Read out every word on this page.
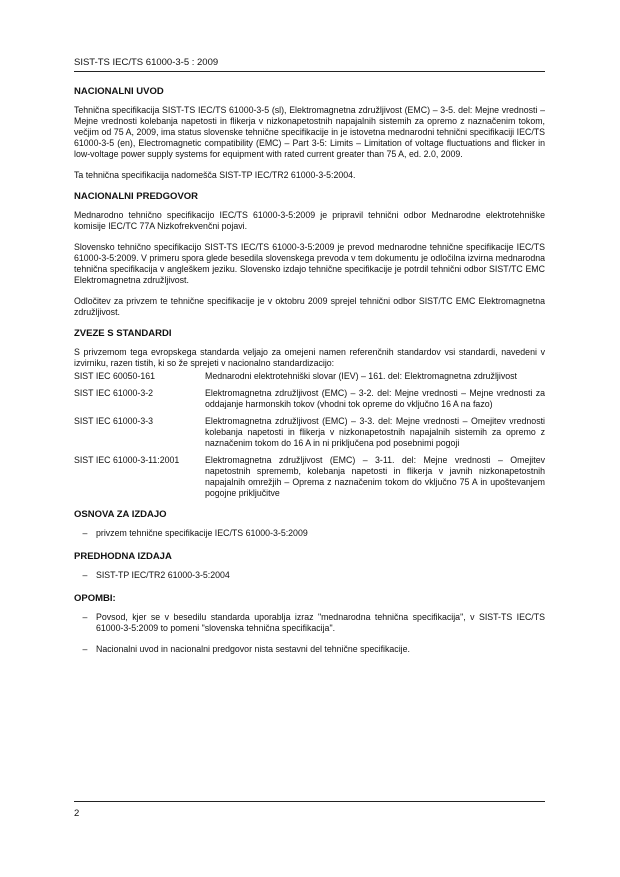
SIST-TS IEC/TS 61000-3-5 : 2009
NACIONALNI UVOD

Tehnična specifikacija SIST-TS IEC/TS 61000-3-5 (sl), Elektromagnetna združljivost (EMC) – 3-5. del: Mejne vrednosti – Mejne vrednosti kolebanja napetosti in flikerja v nizkonapetostnih napajalnih sistemih za opremo z naznačenim tokom, večjim od 75 A, 2009, ima status slovenske tehnične specifikacije in je istovetna mednarodni tehnični specifikaciji IEC/TS 61000-3-5 (en), Electromagnetic compatibility (EMC) – Part 3-5: Limits – Limitation of voltage fluctuations and flicker in low-voltage power supply systems for equipment with rated current greater than 75 A, ed. 2.0, 2009.

Ta tehnična specifikacija nadomešča SIST-TP IEC/TR2 61000-3-5:2004.

NACIONALNI PREDGOVOR

Mednarodno tehnično specifikacijo IEC/TS 61000-3-5:2009 je pripravil tehnični odbor Mednarodne elektrotehniške komisije IEC/TC 77A Nizkofrekvenčni pojavi.

Slovensko tehnično specifikacijo SIST-TS IEC/TS 61000-3-5:2009 je prevod mednarodne tehnične specifikacije IEC/TS 61000-3-5:2009. V primeru spora glede besedila slovenskega prevoda v tem dokumentu je odločilna izvirna mednarodna tehnična specifikacija v angleškem jeziku. Slovensko izdajo tehnične specifikacije je potrdil tehnični odbor SIST/TC EMC Elektromagnetna združljivost.

Odločitev za privzem te tehnične specifikacije je v oktobru 2009 sprejel tehnični odbor SIST/TC EMC Elektromagnetna združljivost.

ZVEZE S STANDARDI

S privzemom tega evropskega standarda veljajo za omejeni namen referenčnih standardov vsi standardi, navedeni v izvirniku, razen tistih, ki so že sprejeti v nacionalno standardizacijo:

SIST IEC 60050-161	Mednarodni elektrotehniški slovar (IEV) – 161. del: Elektromagnetna združljivost
SIST IEC 61000-3-2	Elektromagnetna združljivost (EMC) – 3-2. del: Mejne vrednosti – Mejne vrednosti za oddajanje harmonskih tokov (vhodni tok opreme do vključno 16 A na fazo)
SIST IEC 61000-3-3	Elektromagnetna združljivost (EMC) – 3-3. del: Mejne vrednosti – Omejitev vrednosti kolebanja napetosti in flikerja v nizkonapetostnih napajalnih sistemih za opremo z naznačenim tokom do 16 A in ni priključena pod posebnimi pogoji
SIST IEC 61000-3-11:2001	Elektromagnetna združljivost (EMC) – 3-11. del: Mejne vrednosti – Omejitev napetostnih sprememb, kolebanja napetosti in flikerja v javnih nizkonapetostnih napajalnih omrežjih – Oprema z naznačenim tokom do vključno 75 A in upoštevanjem pogojne priključitve
OSNOVA ZA IZDAJO
– privzem tehnične specifikacije IEC/TS 61000-3-5:2009
PREDHODNA IZDAJA
– SIST-TP IEC/TR2 61000-3-5:2004
OPOMBI:
– Povsod, kjer se v besedilu standarda uporablja izraz "mednarodna tehnična specifikacija", v SIST-TS IEC/TS 61000-3-5:2009 to pomeni "slovenska tehnična specifikacija".
– Nacionalni uvod in nacionalni predgovor nista sestavni del tehnične specifikacije.
2
